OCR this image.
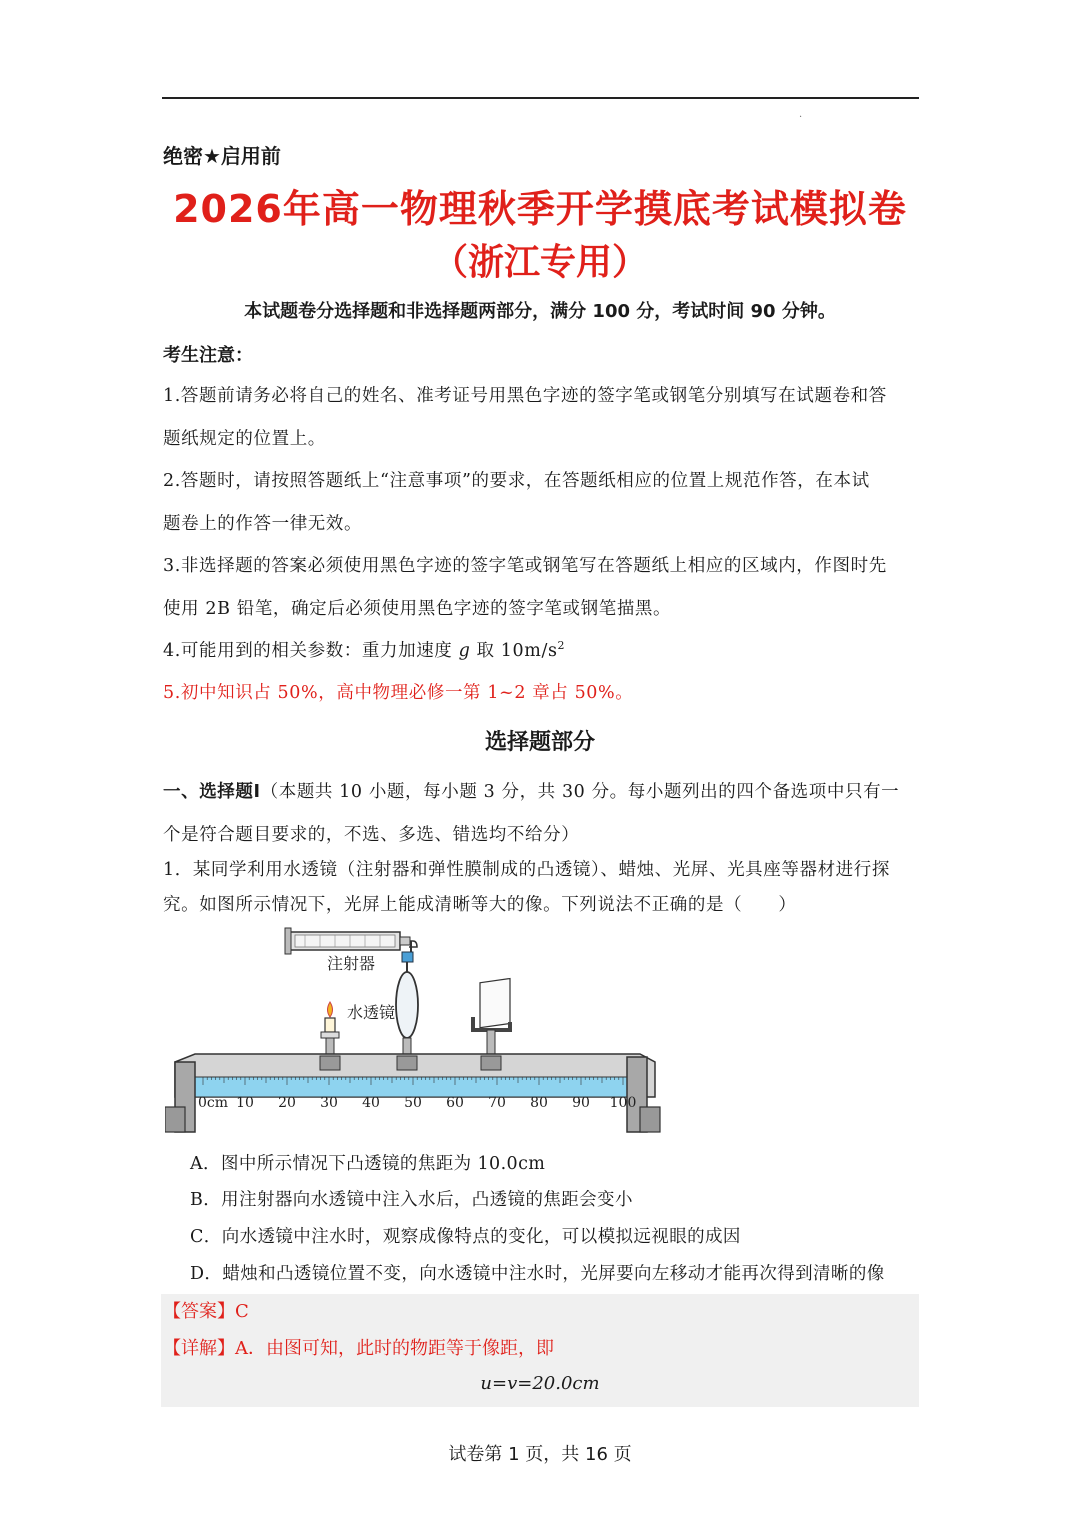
·
绝密★启用前
2026年高一物理秋季开学摸底考试模拟卷
（浙江专用）
本试题卷分选择题和非选择题两部分，满分 100 分，考试时间 90 分钟。
考生注意：
1.答题前请务必将自己的姓名、准考证号用黑色字迹的签字笔或钢笔分别填写在试题卷和答
题纸规定的位置上。
2.答题时，请按照答题纸上“注意事项”的要求，在答题纸相应的位置上规范作答，在本试
题卷上的作答一律无效。
3.非选择题的答案必须使用黑色字迹的签字笔或钢笔写在答题纸上相应的区域内，作图时先
使用 2B 铅笔，确定后必须使用黑色字迹的签字笔或钢笔描黑。
4.可能用到的相关参数：重力加速度 g 取 $10m/s^2$
5.初中知识占 50%，高中物理必修一第 1~2 章占 50%。
选择题部分
一、选择题Ⅰ（本题共 10 小题，每小题 3 分，共 30 分。每小题列出的四个备选项中只有一
个是符合题目要求的，不选、多选、错选均不给分）
1．某同学利用水透镜（注射器和弹性膜制成的凸透镜）、蜡烛、光屏、光具座等器材进行探
究。如图所示情况下，光屏上能成清晰等大的像。下列说法不正确的是（　　）
注射器
水透镜
0cm 10 20 30 40 50 60 70 80 90 100
A．图中所示情况下凸透镜的焦距为 10.0cm
B．用注射器向水透镜中注入水后，凸透镜的焦距会变小
C．向水透镜中注水时，观察成像特点的变化，可以模拟远视眼的成因
D．蜡烛和凸透镜位置不变，向水透镜中注水时，光屏要向左移动才能再次得到清晰的像
【答案】C
【详解】A．由图可知，此时的物距等于像距，即
u=v=20.0cm
试卷第 1 页，共 16 页
